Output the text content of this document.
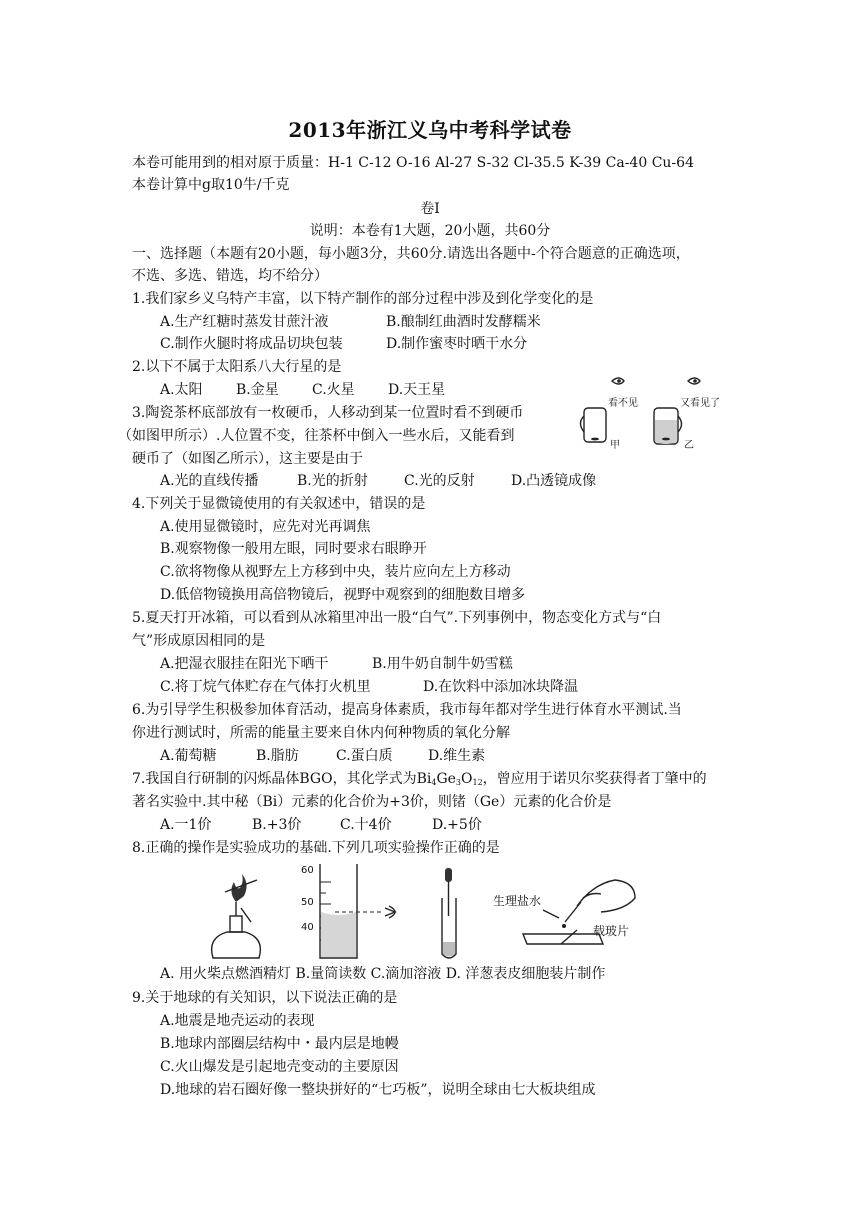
2013年浙江义乌中考科学试卷
本卷可能用到的相对原于质量：H-1 C-12 O-16 Al-27 S-32 Cl-35.5 K-39 Ca-40 Cu-64
本卷计算中g取10牛/千克
卷I
说明：本卷有1大题，20小题，共60分
一、选择题（本题有20小题，每小题3分，共60分.请选出各题中-个符合题意的正确选项，
不选、多选、错选，均不给分）
1.我们家乡义乌特产丰富，以下特产制作的部分过程中涉及到化学变化的是
A.生产红糖时蒸发甘蔗汁液	B.酿制红曲酒时发酵糯米
C.制作火腿时将成品切块包装	D.制作蜜枣时晒干水分
2.以下不属于太阳系八大行星的是
A.太阳 B.金星 C.火星 D.天王星
3.陶瓷茶杯底部放有一枚硬币，人移动到某一位置时看不到硬币
（如图甲所示）.人位置不变，往茶杯中倒入一些水后，又能看到
硬币了（如图乙所示），这主要是由于
A.光的直线传播	B.光的折射	C.光的反射	D.凸透镜成像
看不见	又看见了
甲	乙
4.下列关于显微镜使用的有关叙述中，错误的是
A.使用显微镜时，应先对光再调焦
B.观察物像一般用左眼，同时要求右眼睁开
C.欲将物像从视野左上方移到中央，装片应向左上方移动
D.低倍物镜换用高倍物镜后，视野中观察到的细胞数目增多
5.夏天打开冰箱，可以看到从冰箱里冲出一股“白气”.下列事例中，物态变化方式与“白
气”形成原因相同的是
A.把湿衣服挂在阳光下晒干	B.用牛奶自制牛奶雪糕
C.将丁烷气体贮存在气体打火机里	D.在饮料中添加冰块降温
6.为引导学生积极参加体育活动，提高身体素质，我市每年都对学生进行体育水平测试.当
你进行测试时，所需的能量主要来自休内何种物质的氧化分解
A.葡萄糖	B.脂肪	C.蛋白质	D.维生素
7.我国自行研制的闪烁晶体BGO，其化学式为$Bi_4Ge_3O_{12}$，曾应用于诺贝尔奖获得者丁肇中的
著名实验中.其中秘（Bi）元素的化合价为+3价，则锗（Ge）元素的化合价是
A.一1价	B.+3价	C.十4价	D.+5价
8.正确的操作是实验成功的基础.下列几项实验操作正确的是
60
50
40
生理盐水
载玻片
A. 用火柴点燃酒精灯 B.量筒读数 C.滴加溶液 D. 洋葱表皮细胞装片制作
9.关于地球的有关知识，以下说法正确的是
A.地震是地壳运动的表现
B.地球内部圈层结构中・最内层是地幔
C.火山爆发是引起地壳变动的主要原因
D.地球的岩石圈好像一整块拼好的“七巧板”，说明全球由七大板块组成
